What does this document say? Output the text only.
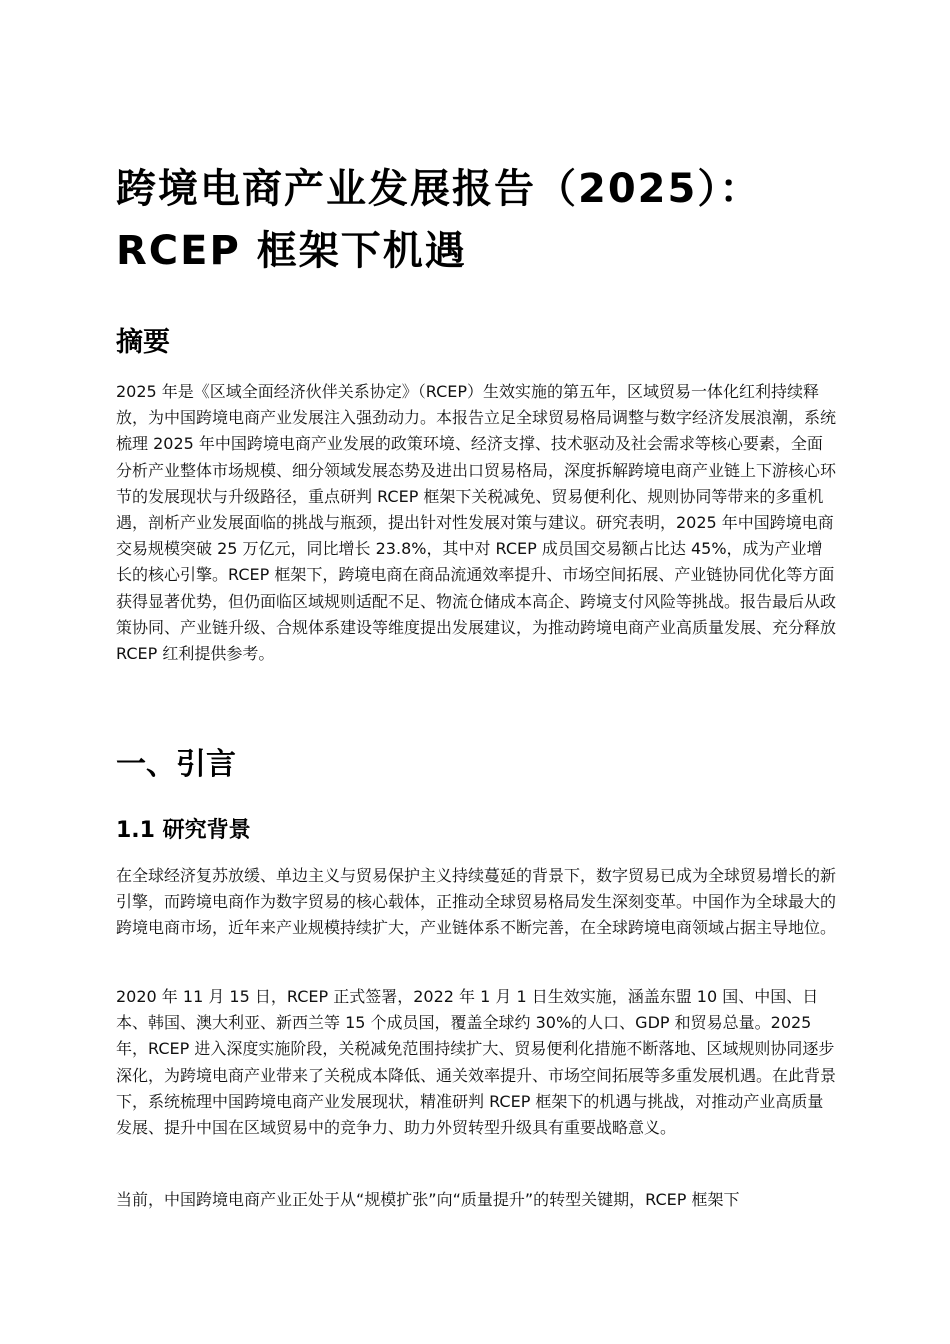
跨境电商产业发展报告（2025）：
RCEP 框架下机遇
摘要

2025 年是《区域全面经济伙伴关系协定》（RCEP）生效实施的第五年，区域贸易一体化红利持续释放，为中国跨境电商产业发展注入强劲动力。本报告立足全球贸易格局调整与数字经济发展浪潮，系统梳理 2025 年中国跨境电商产业发展的政策环境、经济支撑、技术驱动及社会需求等核心要素，全面分析产业整体市场规模、细分领域发展态势及进出口贸易格局，深度拆解跨境电商产业链上下游核心环节的发展现状与升级路径，重点研判 RCEP 框架下关税减免、贸易便利化、规则协同等带来的多重机遇，剖析产业发展面临的挑战与瓶颈，提出针对性发展对策与建议。研究表明，2025 年中国跨境电商交易规模突破 25 万亿元，同比增长 23.8%，其中对 RCEP 成员国交易额占比达 45%，成为产业增长的核心引擎。RCEP 框架下，跨境电商在商品流通效率提升、市场空间拓展、产业链协同优化等方面获得显著优势，但仍面临区域规则适配不足、物流仓储成本高企、跨境支付风险等挑战。报告最后从政策协同、产业链升级、合规体系建设等维度提出发展建议，为推动跨境电商产业高质量发展、充分释放 RCEP 红利提供参考。

一、引言
1.1 研究背景

在全球经济复苏放缓、单边主义与贸易保护主义持续蔓延的背景下，数字贸易已成为全球贸易增长的新引擎，而跨境电商作为数字贸易的核心载体，正推动全球贸易格局发生深刻变革。中国作为全球最大的跨境电商市场，近年来产业规模持续扩大，产业链体系不断完善，在全球跨境电商领域占据主导地位。

2020 年 11 月 15 日，RCEP 正式签署，2022 年 1 月 1 日生效实施，涵盖东盟 10 国、中国、日本、韩国、澳大利亚、新西兰等 15 个成员国，覆盖全球约 30%的人口、GDP 和贸易总量。2025 年，RCEP 进入深度实施阶段，关税减免范围持续扩大、贸易便利化措施不断落地、区域规则协同逐步深化，为跨境电商产业带来了关税成本降低、通关效率提升、市场空间拓展等多重发展机遇。在此背景下，系统梳理中国跨境电商产业发展现状，精准研判 RCEP 框架下的机遇与挑战，对推动产业高质量发展、提升中国在区域贸易中的竞争力、助力外贸转型升级具有重要战略意义。

当前，中国跨境电商产业正处于从“规模扩张”向“质量提升”的转型关键期，RCEP 框架下
